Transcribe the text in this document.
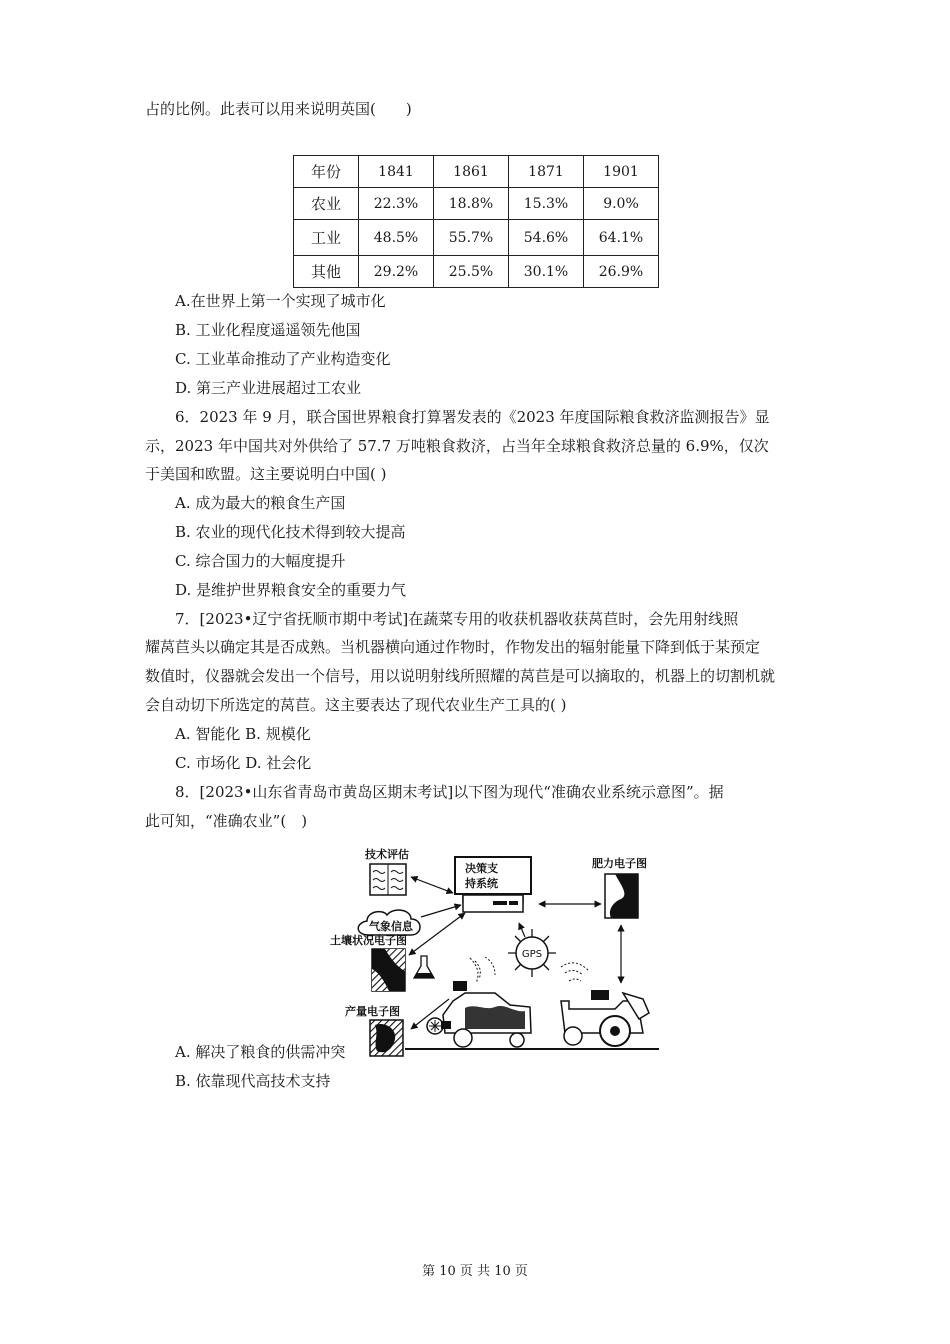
占的比例。此表可以用来说明英国(　　)
年份	1841	1861	1871	1901
农业	22.3%	18.8%	15.3%	9.0%
工业	48.5%	55.7%	54.6%	64.1%
其他	29.2%	25.5%	30.1%	26.9%
A.在世界上第一个实现了城市化
B. 工业化程度遥遥领先他国
C. 工业革命推动了产业构造变化
D. 第三产业进展超过工农业
6．2023 年 9 月，联合国世界粮食打算署发表的《2023 年度国际粮食救济监测报告》显
示，2023 年中国共对外供给了 57.7 万吨粮食救济，占当年全球粮食救济总量的 6.9%，仅次
于美国和欧盟。这主要说明白中国( )
A. 成为最大的粮食生产国
B. 农业的现代化技术得到较大提高
C. 综合国力的大幅度提升
D. 是维护世界粮食安全的重要力气
7．[2023•辽宁省抚顺市期中考试]在蔬菜专用的收获机器收获莴苣时，会先用射线照
耀莴苣头以确定其是否成熟。当机器横向通过作物时，作物发出的辐射能量下降到低于某预定
数值时，仪器就会发出一个信号，用以说明射线所照耀的莴苣是可以摘取的，机器上的切割机就
会自动切下所选定的莴苣。这主要表达了现代农业生产工具的( )
A. 智能化 B. 规模化
C. 市场化 D. 社会化
8．[2023•山东省青岛市黄岛区期末考试]以下图为现代“准确农业系统示意图”。据
此可知，“准确农业”(　)
技术评估
决策支
持系统
肥力电子图
气象信息
土壤状况电子图
GPS
产量电子图
A. 解决了粮食的供需冲突
B. 依靠现代高技术支持
第 10 页 共 10 页
